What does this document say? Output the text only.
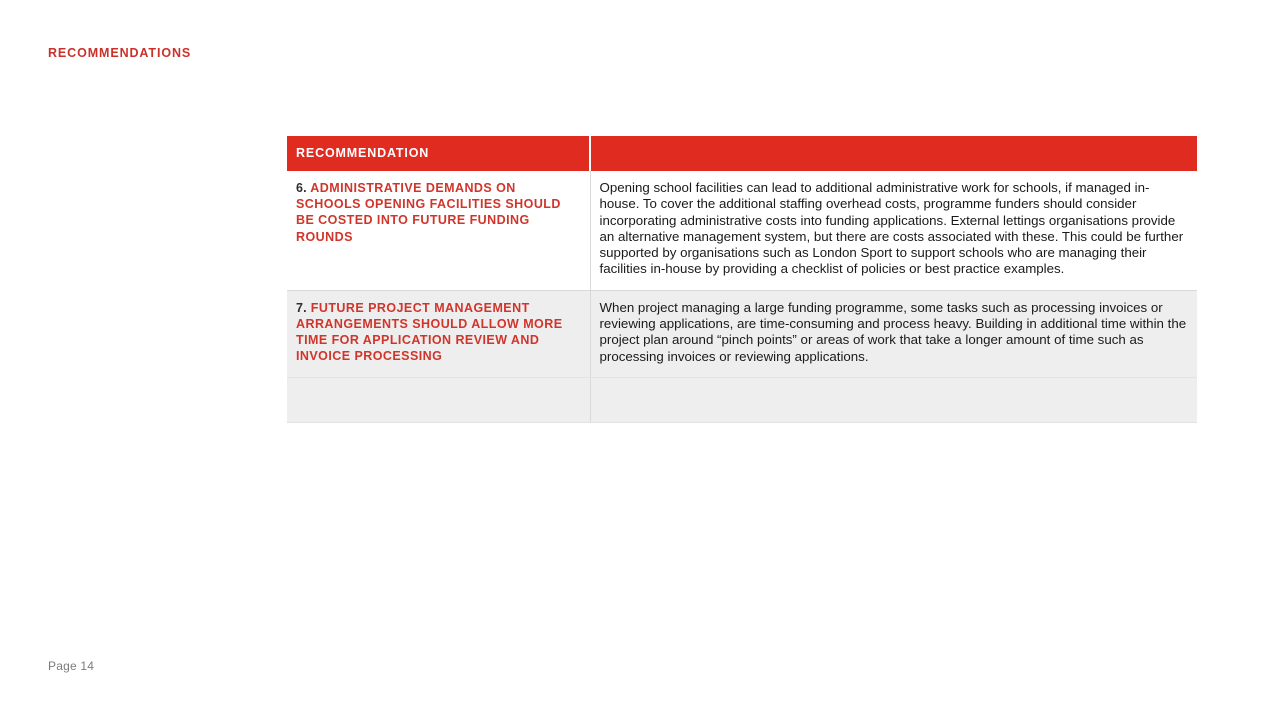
RECOMMENDATIONS
RECOMMENDATION	

6. ADMINISTRATIVE DEMANDS ON SCHOOLS OPENING FACILITIES SHOULD BE COSTED INTO FUTURE FUNDING ROUNDS	Opening school facilities can lead to additional administrative work for schools, if managed in-house. To cover the additional staffing overhead costs, programme funders should consider incorporating administrative costs into funding applications. External lettings organisations provide an alternative management system, but there are costs associated with these. This could be further supported by organisations such as London Sport to support schools who are managing their facilities in-house by providing a checklist of policies or best practice examples.

7. FUTURE PROJECT MANAGEMENT ARRANGEMENTS SHOULD ALLOW MORE TIME FOR APPLICATION REVIEW AND INVOICE PROCESSING	When project managing a large funding programme, some tasks such as processing invoices or reviewing applications, are time-consuming and process heavy. Building in additional time within the project plan around “pinch points” or areas of work that take a longer amount of time such as processing invoices or reviewing applications.

Page 14
